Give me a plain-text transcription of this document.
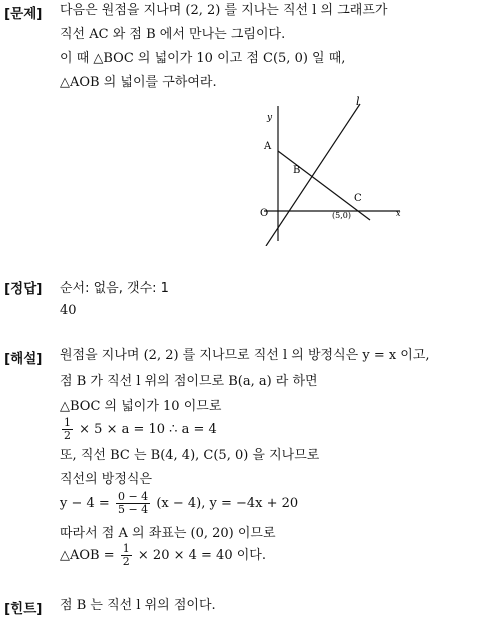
[문제] 다음은 원점을 지나며 (2, 2) 를 지나는 직선 l 의 그래프가
직선 AC 와 점 B 에서 만나는 그림이다.
이 때 △BOC 의 넓이가 10 이고 점 C(5, 0) 일 때,
△AOB 의 넓이를 구하여라.
l
y
x
A
B
C
O	(5,0)
[정답] 순서: 없음, 갯수: 1
40
[해설] 원점을 지나며 (2, 2) 를 지나므로 직선 l 의 방정식은 y = x 이고,
점 B 가 직선 l 위의 점이므로 B(a, a) 라 하면
△BOC 의 넓이가 10 이므로
$\frac{1}{2} \times 5 \times a = 10$ ∴ a = 4
또, 직선 BC 는 B(4, 4), C(5, 0) 을 지나므로
직선의 방정식은
$y - 4 = \frac{0 - 4}{5 - 4} (x - 4)$, y = −4x + 20
따라서 점 A 의 좌표는 (0, 20) 이므로
△AOB = $\frac{1}{2} \times 20 \times 4 = 40$ 이다.
[힌트] 점 B 는 직선 l 위의 점이다.
